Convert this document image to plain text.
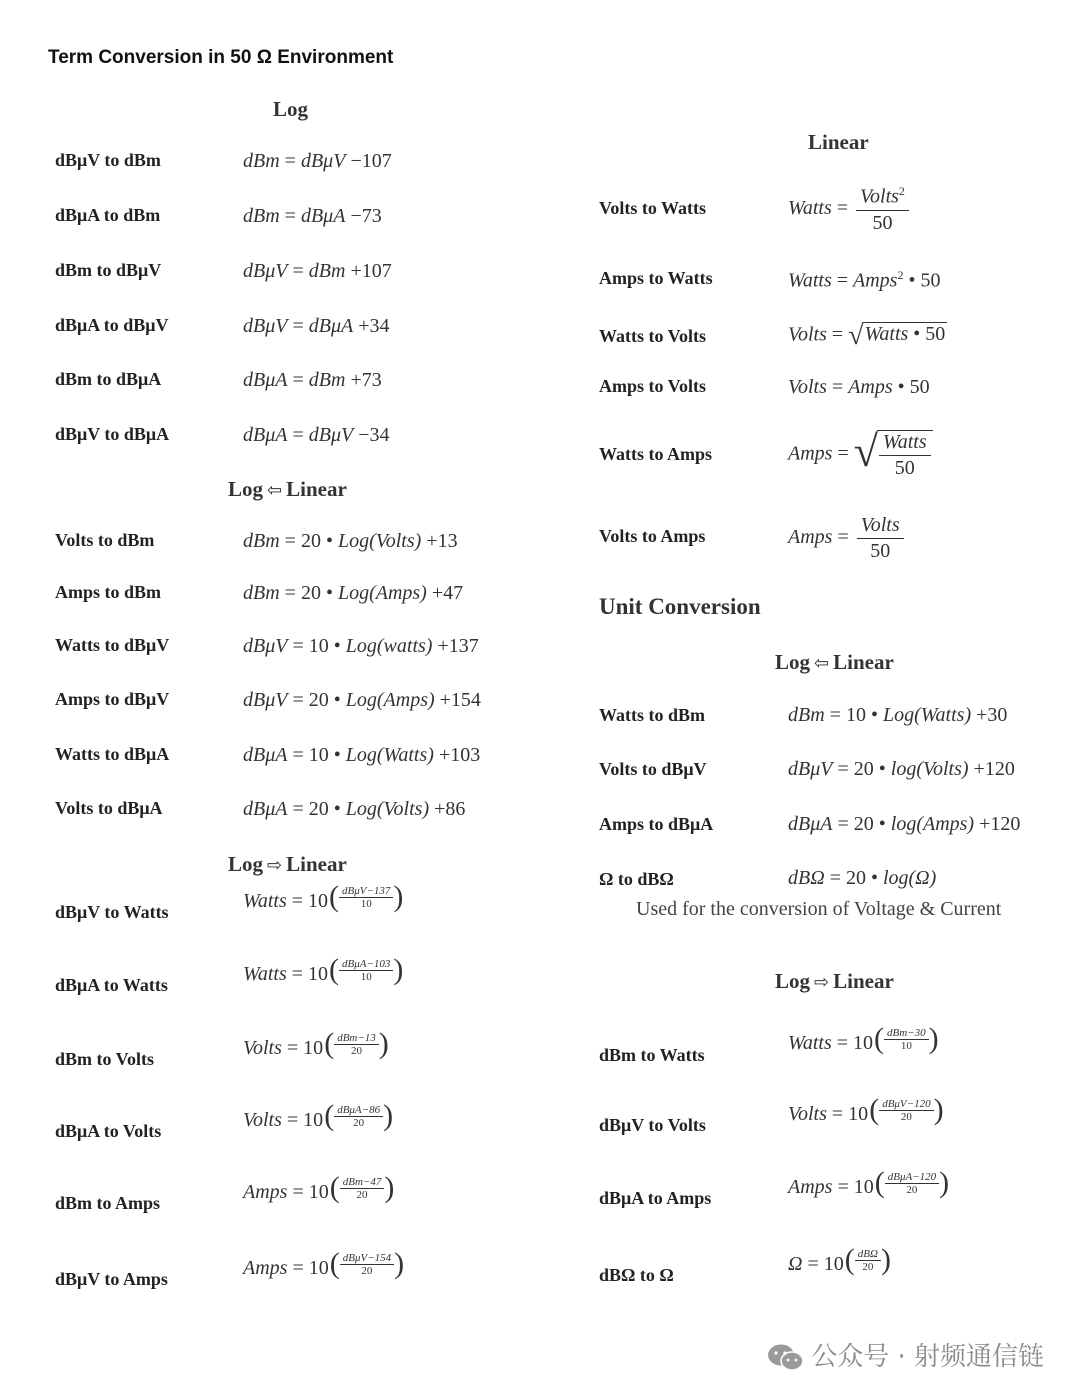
Term Conversion in 50 Ω Environment
Log
Log ⇦ Linear
Log ⇨ Linear
Linear
Unit Conversion
Log ⇦ Linear
Log ⇨ Linear
dBμV to dBm	dBm = dBμV −107
dBμA to dBm	dBm = dBμA −73
dBm to dBμV	dBμV = dBm +107
dBμA to dBμV	dBμV = dBμA +34
dBm to dBμA	dBμA = dBm +73
dBμV to dBμA	dBμA = dBμV −34
Volts to dBm	dBm = 20 • Log(Volts) +13
Amps to dBm	dBm = 20 • Log(Amps) +47
Watts to dBμV	dBμV = 10 • Log(watts) +137
Amps to dBμV	dBμV = 20 • Log(Amps) +154
Watts to dBμA	dBμA = 10 • Log(Watts) +103
Volts to dBμA	dBμA = 20 • Log(Volts) +86
dBμV to Watts	Watts = 10( dBμV−137
10 )
dBμA to Watts	Watts = 10( dBμA−103
10 )
dBm to Volts	Volts = 10( dBm−13
20 )
dBμA to Volts	Volts = 10( dBμA−86
20 )
dBm to Amps	Amps = 10( dBm−47
20 )
dBμV to Amps	Amps = 10( dBμV−154
20 )
Volts to Watts	Watts = $\frac{Volts^2}{50}$
Amps to Watts	Watts = Amps$^2$ • 50
Watts to Volts	Volts = √ Watts • 50
Amps to Volts	Volts = Amps • 50
Watts to Amps	Amps = √ $\frac{\text{Watts}}{50}$
Volts to Amps	Amps = $\frac{\text{Volts}}{50}$
Watts to dBm	dBm = 10 • Log(Watts) +30
Volts to dBμV	dBμV = 20 • log(Volts) +120
Amps to dBμA	dBμA = 20 • log(Amps) +120
Ω to dBΩ	dBΩ = 20 • log(Ω)
Used for the conversion of Voltage & Current
dBm to Watts
Watts = 10( dBm−30
10 )
dBμV to Volts	Volts = 10( dBμV−120
20 )
dBμA to Amps	Amps = 10( dBμA−120
20 )
dBΩ to Ω	Ω = 10( dBΩ
20 )
公众号 · 射频通信链
